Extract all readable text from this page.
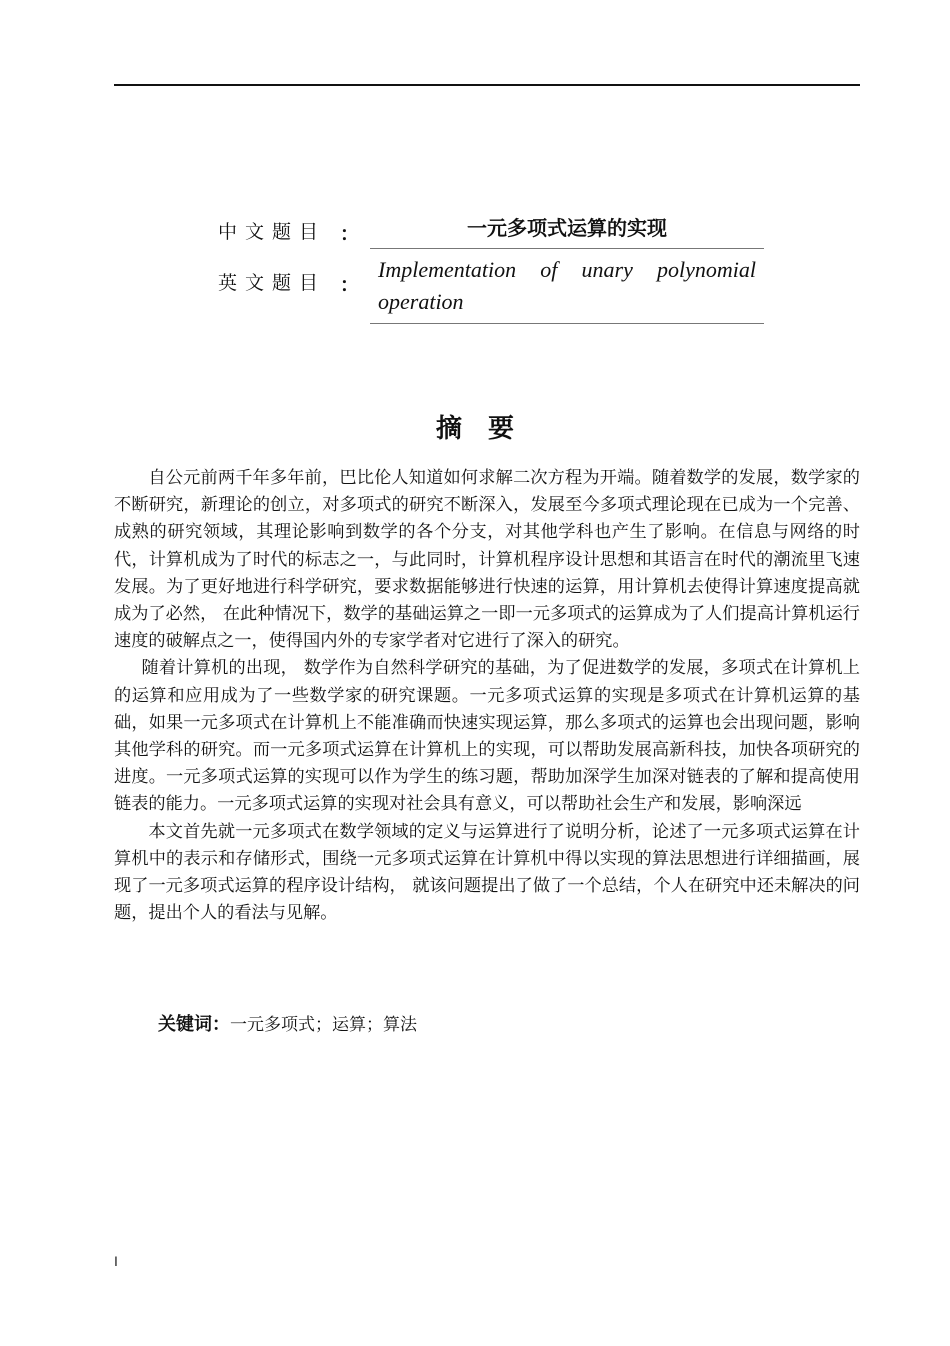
中文题目 ：	一元多项式运算的实现
英文题目 ：
Implementation of unary polynomial operation
摘要

自公元前两千年多年前，巴比伦人知道如何求解二次方程为开端。随着数学的发展，数学家的不断研究，新理论的创立，对多项式的研究不断深入，发展至今多项式理论现在已成为一个完善、成熟的研究领域，其理论影响到数学的各个分支，对其他学科也产生了影响。在信息与网络的时代，计算机成为了时代的标志之一，与此同时，计算机程序设计思想和其语言在时代的潮流里飞速发展。为了更好地进行科学研究，要求数据能够进行快速的运算，用计算机去使得计算速度提高就成为了必然， 在此种情况下，数学的基础运算之一即一元多项式的运算成为了人们提高计算机运行速度的破解点之一，使得国内外的专家学者对它进行了深入的研究。

随着计算机的出现， 数学作为自然科学研究的基础，为了促进数学的发展，多项式在计算机上的运算和应用成为了一些数学家的研究课题。一元多项式运算的实现是多项式在计算机运算的基础，如果一元多项式在计算机上不能准确而快速实现运算，那么多项式的运算也会出现问题，影响其他学科的研究。而一元多项式运算在计算机上的实现，可以帮助发展高新科技，加快各项研究的进度。一元多项式运算的实现可以作为学生的练习题，帮助加深学生加深对链表的了解和提高使用链表的能力。一元多项式运算的实现对社会具有意义，可以帮助社会生产和发展，影响深远

本文首先就一元多项式在数学领域的定义与运算进行了说明分析，论述了一元多项式运算在计算机中的表示和存储形式，围绕一元多项式运算在计算机中得以实现的算法思想进行详细描画，展现了一元多项式运算的程序设计结构， 就该问题提出了做了一个总结，个人在研究中还未解决的问题，提出个人的看法与见解。

关键词：一元多项式；运算；算法
I
